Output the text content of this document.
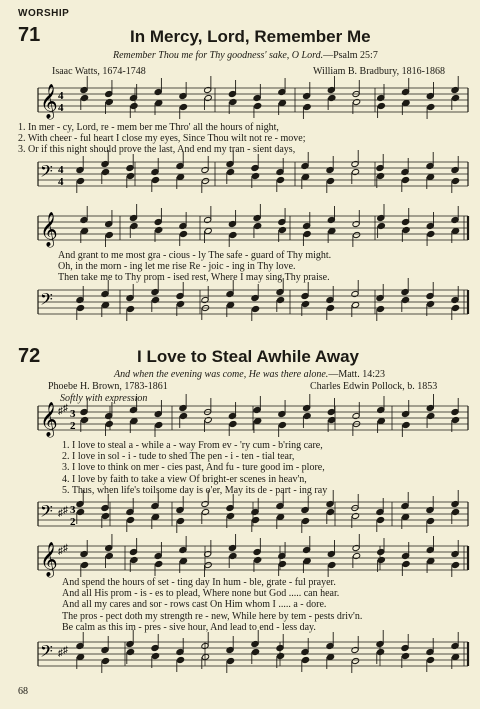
WORSHIP
71	In Mercy, Lord, Remember Me
Remember Thou me for Thy goodness' sake, O Lord.—Psalm 25:7
Isaac Watts, 1674-1748	William B. Bradbury, 1816-1868
𝄞 4
4
1. In mer - cy, Lord, re - mem ber me Thro' all the hours of night,
2. With cheer - ful heart I close my eyes, Since Thou wilt not re - move;
3. Or if this night should prove the last, And end my tran - sient days,
𝄢 4
4
𝄞
And grant to me most gra - cious - ly The safe - guard of Thy might.
Oh, in the morn - ing let me rise Re - joic - ing in Thy love.
Then take me to Thy prom - ised rest, Where I may sing Thy praise.
𝄢
72	I Love to Steal Awhile Away
And when the evening was come, He was there alone.—Matt. 14:23
Phoebe H. Brown, 1783-1861	Charles Edwin Pollock, b. 1853
Softly with expression
𝄞 ♯ ♯ 3
2
1. I love to steal a - while a - way From ev - 'ry cum - b'ring care,
2. I love in sol - i - tude to shed The pen - i - ten - tial tear,
3. I love to think on mer - cies past, And fu - ture good im - plore,
4. I love by faith to take a view Of bright-er scenes in heav'n,
5. Thus, when life's toilsome day is o'er, May its de - part - ing ray
𝄢 ♯ ♯ 3
2
𝄞 ♯ ♯
And spend the hours of set - ting day In hum - ble, grate - ful prayer.
And all His prom - is - es to plead, Where none but God ..... can hear.
And all my cares and sor - rows cast On Him whom I ..... a - dore.
The pros - pect doth my strength re - new, While here by tem - pests driv'n.
Be calm as this im - pres - sive hour, And lead to end - less day.
𝄢 ♯ ♯
68
